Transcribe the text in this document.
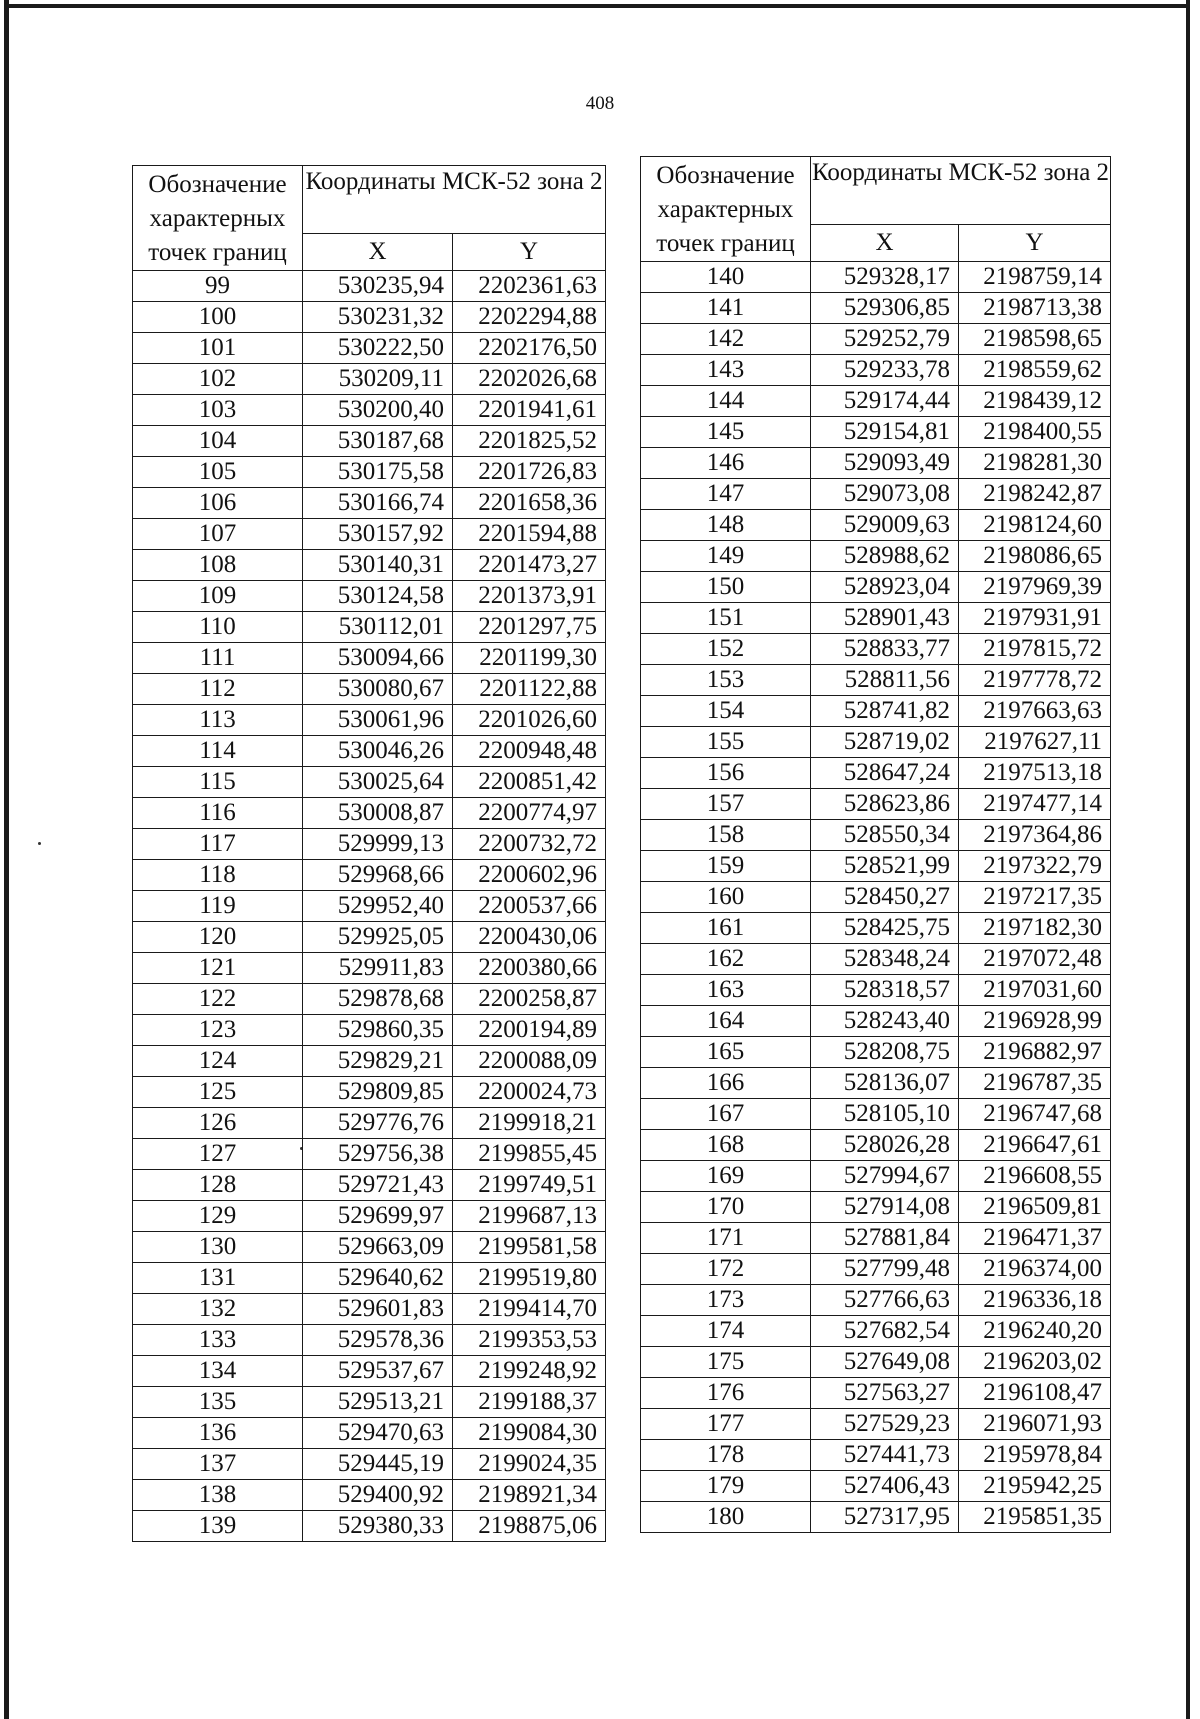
408
Обозначение характерных точек границ	Координаты МСК-52 зона 2	
	X	Y
99	530235,94	2202361,63
100	530231,32	2202294,88
101	530222,50	2202176,50
102	530209,11	2202026,68
103	530200,40	2201941,61
104	530187,68	2201825,52
105	530175,58	2201726,83
106	530166,74	2201658,36
107	530157,92	2201594,88
108	530140,31	2201473,27
109	530124,58	2201373,91
110	530112,01	2201297,75
111	530094,66	2201199,30
112	530080,67	2201122,88
113	530061,96	2201026,60
114	530046,26	2200948,48
115	530025,64	2200851,42
116	530008,87	2200774,97
117	529999,13	2200732,72
118	529968,66	2200602,96
119	529952,40	2200537,66
120	529925,05	2200430,06
121	529911,83	2200380,66
122	529878,68	2200258,87
123	529860,35	2200194,89
124	529829,21	2200088,09
125	529809,85	2200024,73
126	529776,76	2199918,21
127	529756,38	2199855,45
128	529721,43	2199749,51
129	529699,97	2199687,13
130	529663,09	2199581,58
131	529640,62	2199519,80
132	529601,83	2199414,70
133	529578,36	2199353,53
134	529537,67	2199248,92
135	529513,21	2199188,37
136	529470,63	2199084,30
137	529445,19	2199024,35
138	529400,92	2198921,34
139	529380,33	2198875,06
Обозначение характерных точек границ	Координаты МСК-52 зона 2	
	X	Y
140	529328,17	2198759,14
141	529306,85	2198713,38
142	529252,79	2198598,65
143	529233,78	2198559,62
144	529174,44	2198439,12
145	529154,81	2198400,55
146	529093,49	2198281,30
147	529073,08	2198242,87
148	529009,63	2198124,60
149	528988,62	2198086,65
150	528923,04	2197969,39
151	528901,43	2197931,91
152	528833,77	2197815,72
153	528811,56	2197778,72
154	528741,82	2197663,63
155	528719,02	2197627,11
156	528647,24	2197513,18
157	528623,86	2197477,14
158	528550,34	2197364,86
159	528521,99	2197322,79
160	528450,27	2197217,35
161	528425,75	2197182,30
162	528348,24	2197072,48
163	528318,57	2197031,60
164	528243,40	2196928,99
165	528208,75	2196882,97
166	528136,07	2196787,35
167	528105,10	2196747,68
168	528026,28	2196647,61
169	527994,67	2196608,55
170	527914,08	2196509,81
171	527881,84	2196471,37
172	527799,48	2196374,00
173	527766,63	2196336,18
174	527682,54	2196240,20
175	527649,08	2196203,02
176	527563,27	2196108,47
177	527529,23	2196071,93
178	527441,73	2195978,84
179	527406,43	2195942,25
180	527317,95	2195851,35
